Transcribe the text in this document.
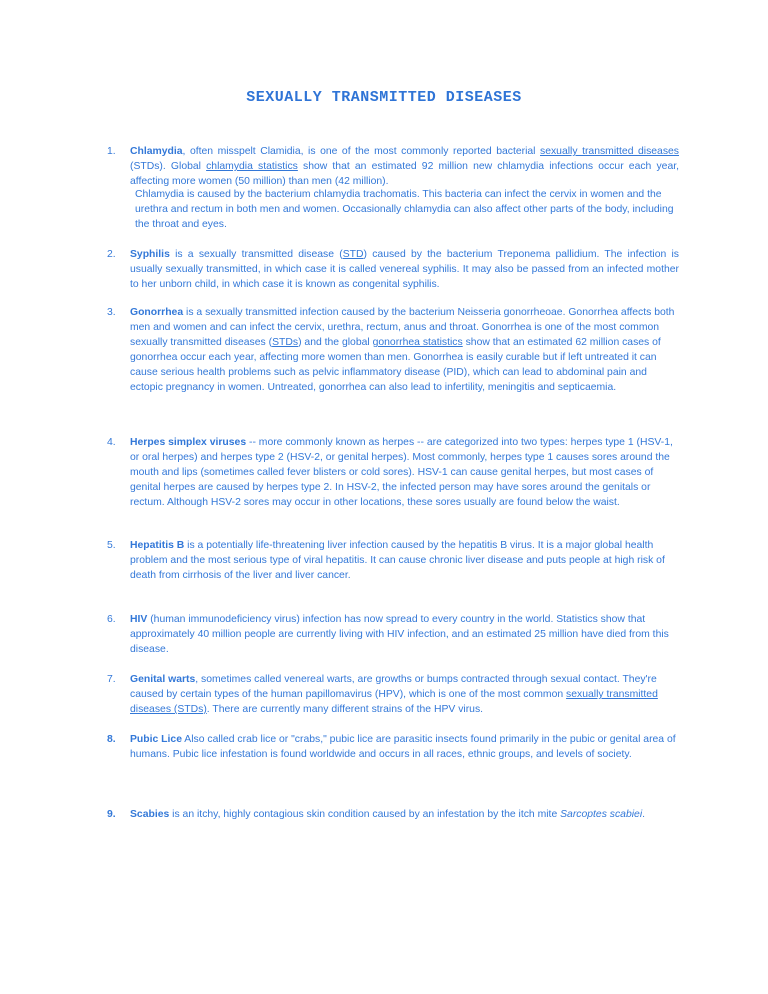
SEXUALLY TRANSMITTED DISEASES
1.	Chlamydia, often misspelt Clamidia, is one of the most commonly reported bacterial sexually transmitted diseases (STDs). Global chlamydia statistics show that an estimated 92 million new chlamydia infections occur each year, affecting more women (50 million) than men (42 million).
Chlamydia is caused by the bacterium chlamydia trachomatis. This bacteria can infect the cervix in women and the urethra and rectum in both men and women. Occasionally chlamydia can also affect other parts of the body, including the throat and eyes.
2.	Syphilis is a sexually transmitted disease (STD) caused by the bacterium Treponema pallidium. The infection is usually sexually transmitted, in which case it is called venereal syphilis. It may also be passed from an infected mother to her unborn child, in which case it is known as congenital syphilis.
3.	Gonorrhea is a sexually transmitted infection caused by the bacterium Neisseria gonorrheoae. Gonorrhea affects both men and women and can infect the cervix, urethra, rectum, anus and throat. Gonorrhea is one of the most common sexually transmitted diseases (STDs) and the global gonorrhea statistics show that an estimated 62 million cases of gonorrhea occur each year, affecting more women than men. Gonorrhea is easily curable but if left untreated it can cause serious health problems such as pelvic inflammatory disease (PID), which can lead to abdominal pain and ectopic pregnancy in women. Untreated, gonorrhea can also lead to infertility, meningitis and septicaemia.
4.	Herpes simplex viruses -- more commonly known as herpes -- are categorized into two types: herpes type 1 (HSV-1, or oral herpes) and herpes type 2 (HSV-2, or genital herpes). Most commonly, herpes type 1 causes sores around the mouth and lips (sometimes called fever blisters or cold sores). HSV-1 can cause genital herpes, but most cases of genital herpes are caused by herpes type 2. In HSV-2, the infected person may have sores around the genitals or rectum. Although HSV-2 sores may occur in other locations, these sores usually are found below the waist.
5.	Hepatitis B is a potentially life-threatening liver infection caused by the hepatitis B virus. It is a major global health problem and the most serious type of viral hepatitis. It can cause chronic liver disease and puts people at high risk of death from cirrhosis of the liver and liver cancer.
6.	HIV (human immunodeficiency virus) infection has now spread to every country in the world. Statistics show that approximately 40 million people are currently living with HIV infection, and an estimated 25 million have died from this disease.
7.	Genital warts, sometimes called venereal warts, are growths or bumps contracted through sexual contact. They're caused by certain types of the human papillomavirus (HPV), which is one of the most common sexually transmitted diseases (STDs). There are currently many different strains of the HPV virus.
8.	Pubic Lice Also called crab lice or "crabs," pubic lice are parasitic insects found primarily in the pubic or genital area of humans. Pubic lice infestation is found worldwide and occurs in all races, ethnic groups, and levels of society.
9.	Scabies is an itchy, highly contagious skin condition caused by an infestation by the itch mite Sarcoptes scabiei.
